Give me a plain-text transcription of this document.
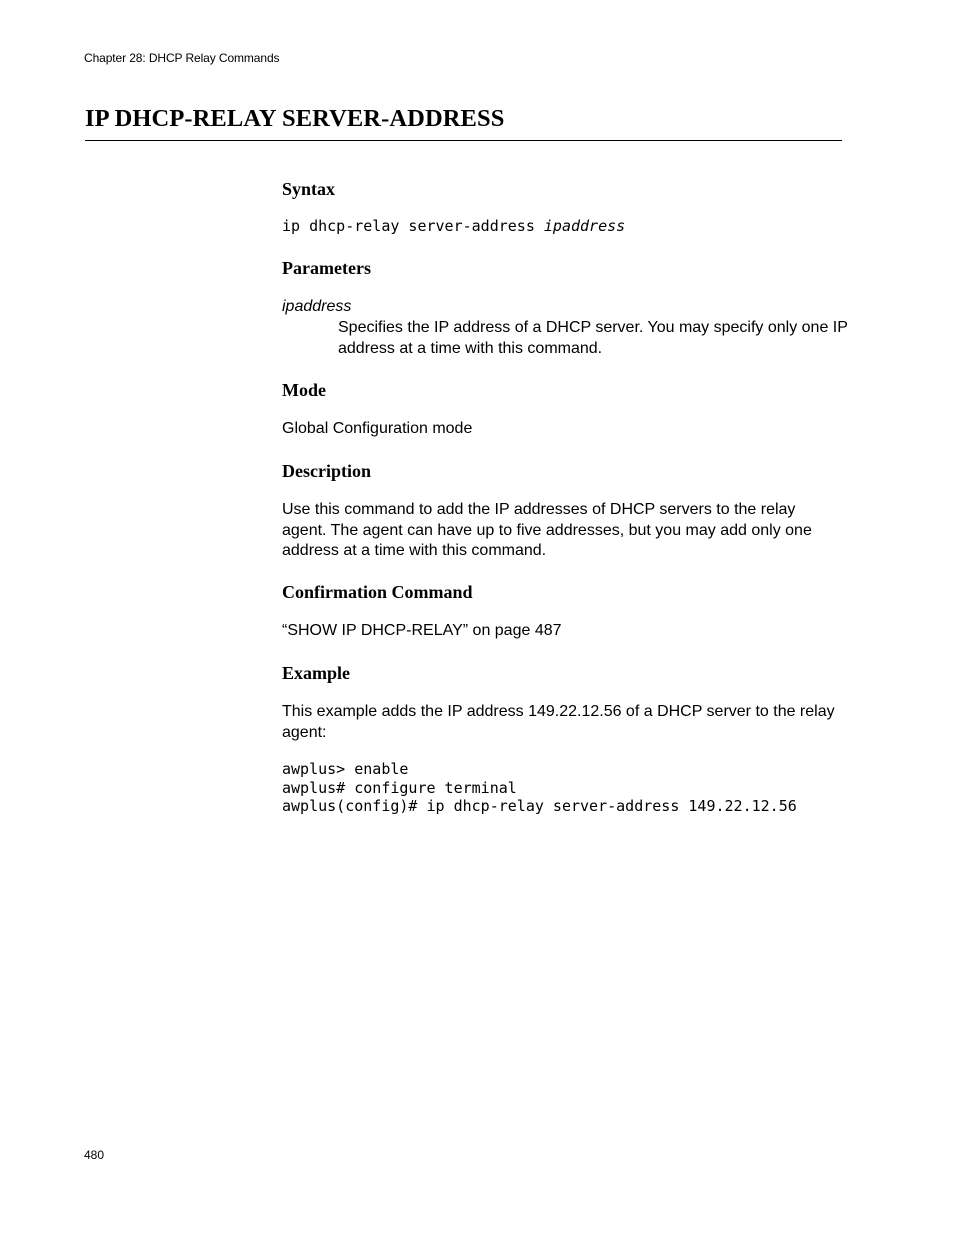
Chapter 28: DHCP Relay Commands
IP DHCP-RELAY SERVER-ADDRESS
Syntax
ip dhcp-relay server-address ipaddress
Parameters
ipaddress

Specifies the IP address of a DHCP server. You may specify only one IP address at a time with this command.

Mode

Global Configuration mode

Description

Use this command to add the IP addresses of DHCP servers to the relay agent. The agent can have up to five addresses, but you may add only one address at a time with this command.

Confirmation Command

“SHOW IP DHCP-RELAY” on page 487

Example

This example adds the IP address 149.22.12.56 of a DHCP server to the relay agent:

awplus> enable
awplus# configure terminal
awplus(config)# ip dhcp-relay server-address 149.22.12.56
480
